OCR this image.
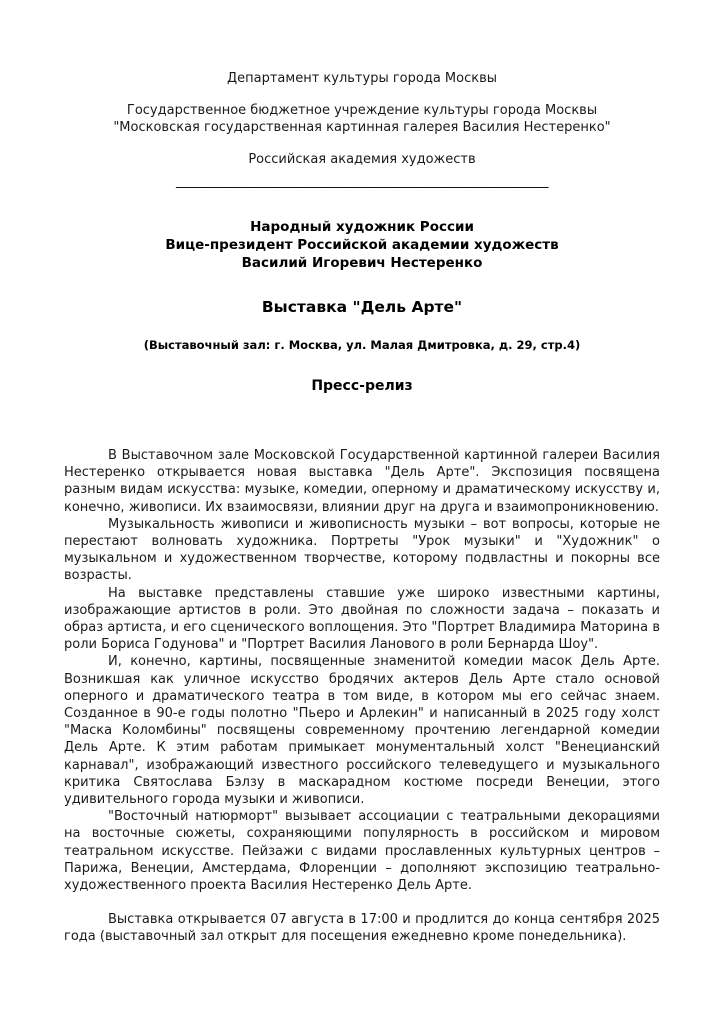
Департамент культуры города Москвы
Государственное бюджетное учреждение культуры города Москвы
"Московская государственная картинная галерея Василия Нестеренко"
Российская академия художеств
______________________________________________________________
Народный художник России
Вице-президент Российской академии художеств
Василий Игоревич Нестеренко
Выставка "Дель Арте"
(Выставочный зал: г. Москва, ул. Малая Дмитровка, д. 29, стр.4)
Пресс-релиз

В Выставочном зале Московской Государственной картинной галереи Василия Нестеренко открывается новая выставка "Дель Арте". Экспозиция посвящена разным видам искусства: музыке, комедии, оперному и драматическому искусству и, конечно, живописи. Их взаимосвязи, влиянии друг на друга и взаимопроникновению.

Музыкальность живописи и живописность музыки – вот вопросы, которые не перестают волновать художника. Портреты "Урок музыки" и "Художник" о музыкальном и художественном творчестве, которому подвластны и покорны все возрасты.

На выставке представлены ставшие уже широко известными картины, изображающие артистов в роли. Это двойная по сложности задача – показать и образ артиста, и его сценического воплощения. Это "Портрет Владимира Маторина в роли Бориса Годунова" и "Портрет Василия Ланового в роли Бернарда Шоу".

И, конечно, картины, посвященные знаменитой комедии масок Дель Арте. Возникшая как уличное искусство бродячих актеров Дель Арте стало основой оперного и драматического театра в том виде, в котором мы его сейчас знаем. Созданное в 90-е годы полотно "Пьеро и Арлекин" и написанный в 2025 году холст "Маска Коломбины" посвящены современному прочтению легендарной комедии Дель Арте. К этим работам примыкает монументальный холст "Венецианский карнавал", изображающий известного российского телеведущего и музыкального критика Святослава Бэлзу в маскарадном костюме посреди Венеции, этого удивительного города музыки и живописи.

"Восточный натюрморт" вызывает ассоциации с театральными декорациями на восточные сюжеты, сохраняющими популярность в российском и мировом театральном искусстве. Пейзажи с видами прославленных культурных центров – Парижа, Венеции, Амстердама, Флоренции – дополняют экспозицию театрально-художественного проекта Василия Нестеренко Дель Арте.

Выставка открывается 07 августа в 17:00 и продлится до конца сентября 2025 года (выставочный зал открыт для посещения ежедневно кроме понедельника).
